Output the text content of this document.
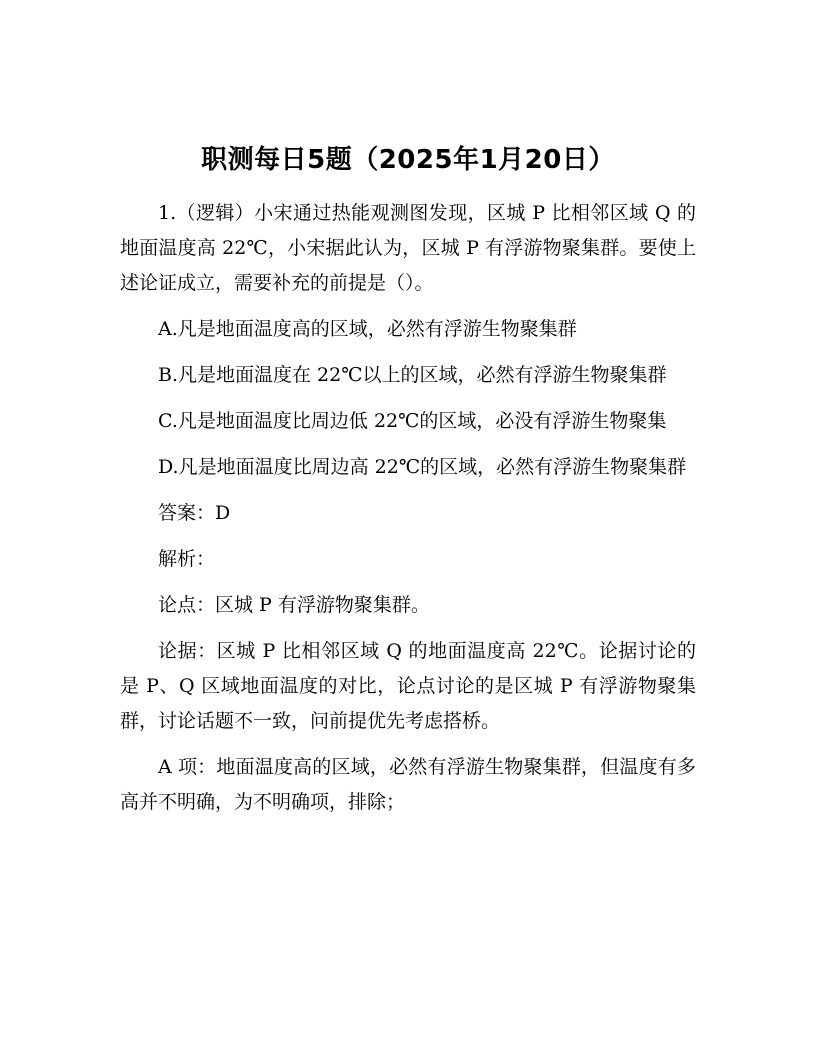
职测每日5题（2025年1月20日）

1.（逻辑）小宋通过热能观测图发现，区城 P 比相邻区域 Q 的地面温度高 22℃，小宋据此认为，区城 P 有浮游物聚集群。要使上述论证成立，需要补充的前提是（）。

A.凡是地面温度高的区域，必然有浮游生物聚集群

B.凡是地面温度在 22℃以上的区域，必然有浮游生物聚集群

C.凡是地面温度比周边低 22℃的区域，必没有浮游生物聚集

D.凡是地面温度比周边高 22℃的区域，必然有浮游生物聚集群

答案：D

解析：

论点：区城 P 有浮游物聚集群。

论据：区城 P 比相邻区域 Q 的地面温度高 22℃。论据讨论的是 P、Q 区域地面温度的对比，论点讨论的是区城 P 有浮游物聚集群，讨论话题不一致，问前提优先考虑搭桥。

A 项：地面温度高的区域，必然有浮游生物聚集群，但温度有多高并不明确，为不明确项，排除；
